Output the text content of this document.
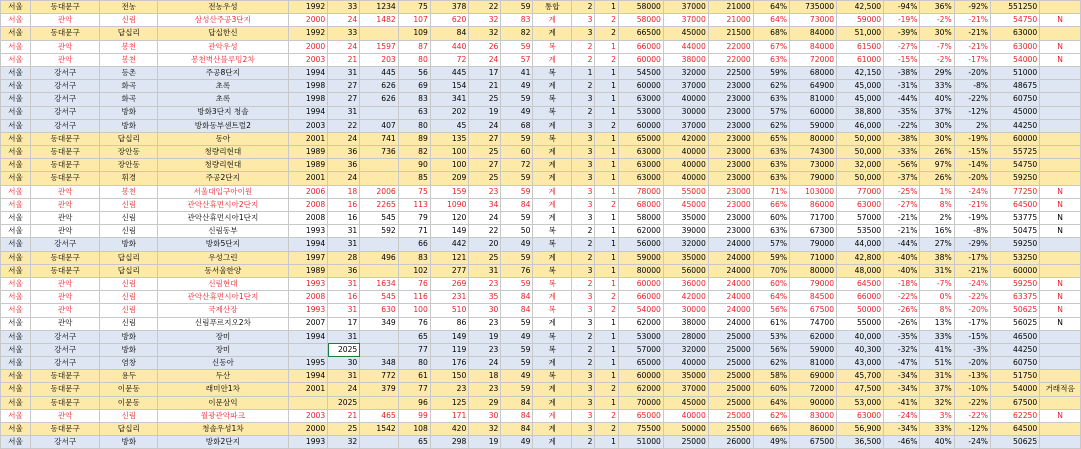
서울	동대문구	전농	전농우성	1992	33	1234	75	378	22	59	통합	2	1	58000	37000	21000	64%	735000	42,500	-94%	36%	-92%	551250	
서울	관악	신림	삼성산주공3단지	2000	24	1482	107	620	32	83	계	3	2	58000	37000	21000	64%	73000	59000	-19%	-2%	-21%	54750	N
서울	동대문구	답십리	답십한신	1992	33		109	84	32	82	계	3	2	66500	45000	21500	68%	84000	51,000	-39%	30%	-21%	63000	
서울	관악	봉천	관악우성	2000	24	1597	87	440	26	59	복	2	1	66000	44000	22000	67%	84000	61500	-27%	-7%	-21%	63000	N
서울	관악	봉천	봉천벽산블루밍2차	2003	21	203	80	72	24	57	계	2	2	60000	38000	22000	63%	72000	61000	-15%	-2%	-17%	54000	N
서울	강서구	등촌	주공8단지	1994	31	445	56	445	17	41	복	1	1	54500	32000	22500	59%	68000	42,150	-38%	29%	-20%	51000	
서울	강서구	화곡	초록	1998	27	626	69	154	21	49	계	2	1	60000	37000	23000	62%	64900	45,000	-31%	33%	-8%	48675	
서울	강서구	화곡	초록	1998	27	626	83	341	25	59	복	3	1	63000	40000	23000	63%	81000	45,000	-44%	40%	-22%	60750	
서울	강서구	방화	방화3단지 청솔	1994	31		63	202	19	49	복	2	1	53000	30000	23000	57%	60000	38,800	-35%	37%	-12%	45000	
서울	강서구	방화	방화동부센트럴2	2003	22	407	80	45	24	68	계	3	2	60000	37000	23000	62%	59000	46,000	-22%	30%	2%	44250	
서울	동대문구	답십리	동아	2001	24	741	89	135	27	59	복	3	1	65000	42000	23000	65%	80000	50,000	-38%	30%	-19%	60000	
서울	동대문구	장안동	청량리현대	1989	36	736	82	100	25	60	계	3	1	63000	40000	23000	63%	74300	50,000	-33%	26%	-15%	55725	
서울	동대문구	장안동	청량리현대	1989	36		90	100	27	72	계	3	1	63000	40000	23000	63%	73000	32,000	-56%	97%	-14%	54750	
서울	동대문구	휘경	주공2단지	2001	24		85	209	25	59	계	3	1	63000	40000	23000	63%	79000	50,000	-37%	26%	-20%	59250	
서울	관악	봉천	서울대입구아이원	2006	18	2006	75	159	23	59	계	3	1	78000	55000	23000	71%	103000	77000	-25%	1%	-24%	77250	N
서울	관악	신림	관악산휴먼시아2단지	2008	16	2265	113	1090	34	84	계	3	2	68000	45000	23000	66%	86000	63000	-27%	8%	-21%	64500	N
서울	관악	신림	관악산휴먼시아1단지	2008	16	545	79	120	24	59	계	3	1	58000	35000	23000	60%	71700	57000	-21%	2%	-19%	53775	N
서울	관악	신림	신림동부	1993	31	592	71	149	22	50	복	2	1	62000	39000	23000	63%	67300	53500	-21%	16%	-8%	50475	N
서울	강서구	방화	방화5단지	1994	31		66	442	20	49	복	2	1	56000	32000	24000	57%	79000	44,000	-44%	27%	-29%	59250	
서울	동대문구	답십리	우성그린	1997	28	496	83	121	25	59	계	2	1	59000	35000	24000	59%	71000	42,800	-40%	38%	-17%	53250	
서울	동대문구	답십리	동서울한양	1989	36		102	277	31	76	복	3	1	80000	56000	24000	70%	80000	48,000	-40%	31%	-21%	60000	
서울	관악	신림	신림현대	1993	31	1634	76	269	23	59	복	2	1	60000	36000	24000	60%	79000	64500	-18%	-7%	-24%	59250	N
서울	관악	신림	관악산휴먼시아1단지	2008	16	545	116	231	35	84	계	3	2	66000	42000	24000	64%	84500	66000	-22%	0%	-22%	63375	N
서울	관악	신림	국제산장	1993	31	630	100	510	30	84	복	3	2	54000	30000	24000	56%	67500	50000	-26%	8%	-20%	50625	N
서울	관악	신림	신림푸르지오2차	2007	17	349	76	86	23	59	계	3	1	62000	38000	24000	61%	74700	55000	-26%	13%	-17%	56025	N
서울	강서구	방화	장미	1994	31		65	149	19	49	복	2	1	53000	28000	25000	53%	62000	40,000	-35%	33%	-15%	46500	
서울	강서구	방화	장미		2025		77	119	23	59	복	2	1	57000	32000	25000	56%	59000	40,300	-32%	41%	-3%	44250	
서울	강서구	염창	신동아	1995	30	348	80	176	24	59	계	2	1	65000	40000	25000	62%	81000	43,000	-47%	51%	-20%	60750	
서울	동대문구	용두	두산	1994	31	772	61	150	18	49	복	3	1	60000	35000	25000	58%	69000	45,700	-34%	31%	-13%	51750	
서울	동대문구	이문동	래미안1차	2001	24	379	77	23	23	59	계	3	2	62000	37000	25000	60%	72000	47,500	-34%	37%	-10%	54000	거래적음
서울	동대문구	이문동	이문삼익		2025		96	125	29	84	계	3	1	70000	45000	25000	64%	90000	53,000	-41%	32%	-22%	67500	
서울	관악	신림	월광관악파크	2003	21	465	99	171	30	84	계	3	2	65000	40000	25000	62%	83000	63000	-24%	3%	-22%	62250	N
서울	동대문구	답십리	청솔우성1차	2000	25	1542	108	420	32	84	계	3	2	75500	50000	25500	66%	86000	56,900	-34%	33%	-12%	64500	
서울	강서구	방화	방화2단지	1993	32		65	298	19	49	계	2	1	51000	25000	26000	49%	67500	36,500	-46%	40%	-24%	50625	
